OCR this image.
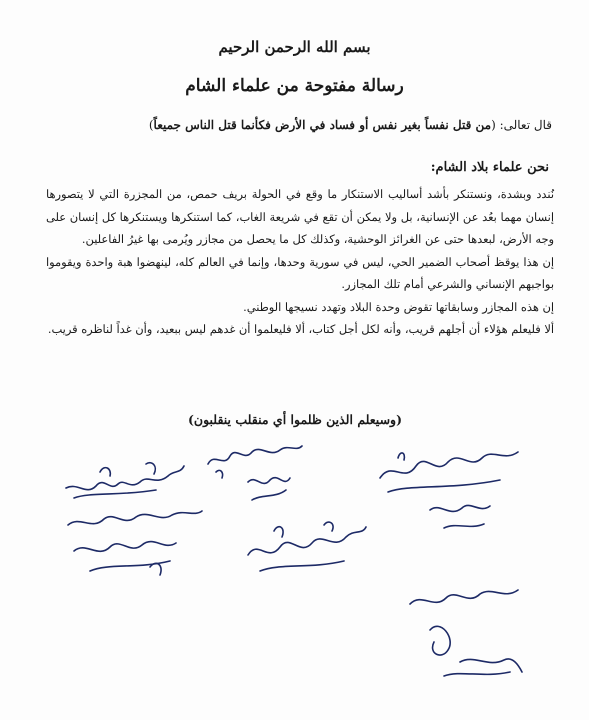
بسم الله الرحمن الرحيم
رسالة مفتوحة من علماء الشام
قال تعالى: (من قتل نفساً بغير نفس أو فساد في الأرض فكأنما قتل الناس جميعاً)
نحن علماء بلاد الشام:

نُندد وبشدة، ونستنكر بأشد أساليب الاستنكار ما وقع في الحولة بريف حمص، من المجزرة التي لا يتصورها إنسان مهما بعُد عن الإنسانية، بل ولا يمكن أن تقع في شريعة الغاب، كما استنكرها ويستنكرها كل إنسان على وجه الأرض، لبعدها حتى عن الغرائز الوحشية، وكذلك كل ما يحصل من مجازر ويُرمى بها غيرُ الفاعلين.

إن هذا يوقظ أصحاب الضمير الحي، ليس في سورية وحدها، وإنما في العالم كله، لينهضوا هبة واحدة ويقوموا بواجبهم الإنساني والشرعي أمام تلك المجازر.

إن هذه المجازر وسابقاتها تقوض وحدة البلاد وتهدد نسيجها الوطني.

ألا فليعلم هؤلاء أن أجلهم قريب، وأنه لكل أجل كتاب، ألا فليعلموا أن غدهم ليس ببعيد، وأن غداً لناظره قريب.

(وسيعلم الذين ظلموا أي منقلب ينقلبون)
